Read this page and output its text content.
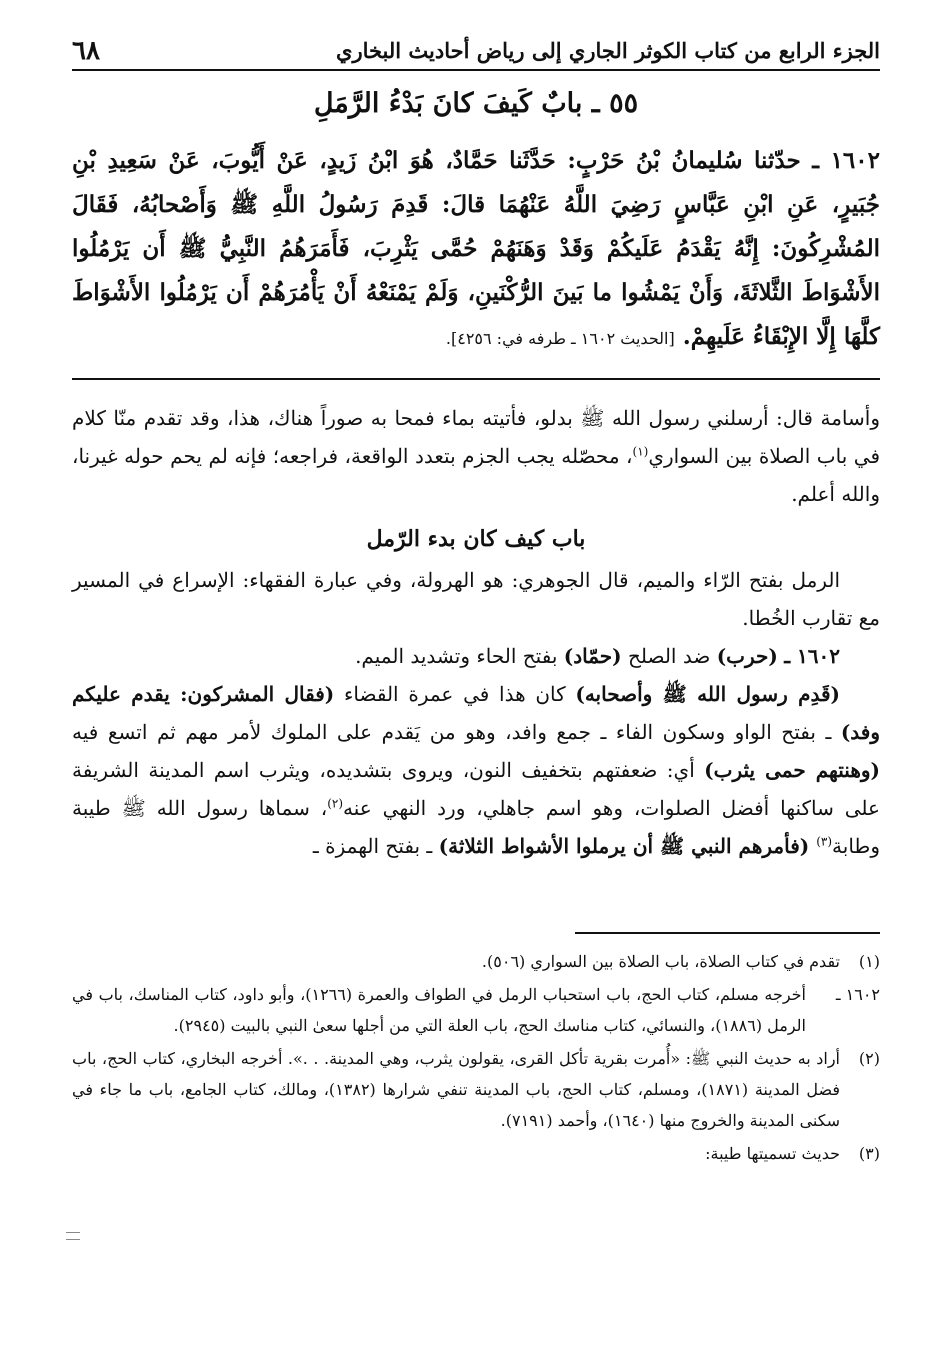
الجزء الرابع من كتاب الكوثر الجاري إلى رياض أحاديث البخاري
٦٨
٥٥ ـ بابٌ كَيفَ كانَ بَدْءُ الرَّمَلِ
١٦٠٢ ـ حدّثنا سُليمانُ بْنُ حَرْبٍ: حَدَّثَنا حَمَّادٌ، هُوَ ابْنُ زَيدٍ، عَنْ أَيُّوبَ، عَنْ سَعِيدِ بْنِ جُبَيرٍ، عَنِ ابْنِ عَبَّاسٍ رَضِيَ اللَّهُ عَنْهُمَا قالَ: قَدِمَ رَسُولُ اللَّهِ ﷺ وَأَصْحابُهُ، فَقَالَ المُشْرِكُونَ: إِنَّهُ يَقْدَمُ عَلَيكُمْ وَقَدْ وَهَنَهُمْ حُمَّى يَثْرِبَ، فَأَمَرَهُمُ النَّبِيُّ ﷺ أَن يَرْمُلُوا الأَشْوَاطَ الثَّلاثَةَ، وَأَنْ يَمْشُوا ما بَينَ الرُّكْنَينِ، وَلَمْ يَمْنَعْهُ أَنْ يَأْمُرَهُمْ أَن يَرْمُلُوا الأَشْوَاطَ كلَّهَا إِلَّا الإِبْقَاءُ عَلَيهِمْ. [الحديث ١٦٠٢ ـ طرفه في: ٤٢٥٦].

وأسامة قال: أرسلني رسول الله ﷺ بدلو، فأتيته بماء فمحا به صوراً هناك، هذا، وقد تقدم منّا كلام في باب الصلاة بين السواري$^{(١)}$، محصّله يجب الجزم بتعدد الواقعة، فراجعه؛ فإنه لم يحم حوله غيرنا، والله أعلم.

باب كيف كان بدء الرّمل

الرمل بفتح الرّاء والميم، قال الجوهري: هو الهرولة، وفي عبارة الفقهاء: الإسراع في المسير مع تقارب الخُطا.

١٦٠٢ ـ (حرب) ضد الصلح (حمّاد) بفتح الحاء وتشديد الميم.

(قَدِم رسول الله ﷺ وأصحابه) كان هذا في عمرة القضاء (فقال المشركون: يقدم عليكم وفد) ـ بفتح الواو وسكون الفاء ـ جمع وافد، وهو من يَقدم على الملوك لأمر مهم ثم اتسع فيه (وهنتهم حمى يثرب) أي: ضعفتهم بتخفيف النون، ويروى بتشديده، ويثرب اسم المدينة الشريفة على ساكنها أفضل الصلوات، وهو اسم جاهلي، ورد النهي عنه$^{(٢)}$، سماها رسول الله ﷺ طيبة وطابة$^{(٣)}$ (فأمرهم النبي ﷺ أن يرملوا الأشواط الثلاثة) ـ بفتح الهمزة ـ

(١)
تقدم في كتاب الصلاة، باب الصلاة بين السواري (٥٠٦).
١٦٠٢ ـ
أخرجه مسلم، كتاب الحج، باب استحباب الرمل في الطواف والعمرة (١٢٦٦)، وأبو داود، كتاب المناسك، باب في الرمل (١٨٨٦)، والنسائي، كتاب مناسك الحج، باب العلة التي من أجلها سعىٰ النبي بالبيت (٢٩٤٥).
(٢)
أراد به حديث النبي ﷺ: «أُمرت بقرية تأكل القرى، يقولون يثرب، وهي المدينة. . .». أخرجه البخاري، كتاب الحج، باب فضل المدينة (١٨٧١)، ومسلم، كتاب الحج، باب المدينة تنفي شرارها (١٣٨٢)، ومالك، كتاب الجامع، باب ما جاء في سكنى المدينة والخروج منها (١٦٤٠)، وأحمد (٧١٩١).
(٣)
حديث تسميتها طيبة:
